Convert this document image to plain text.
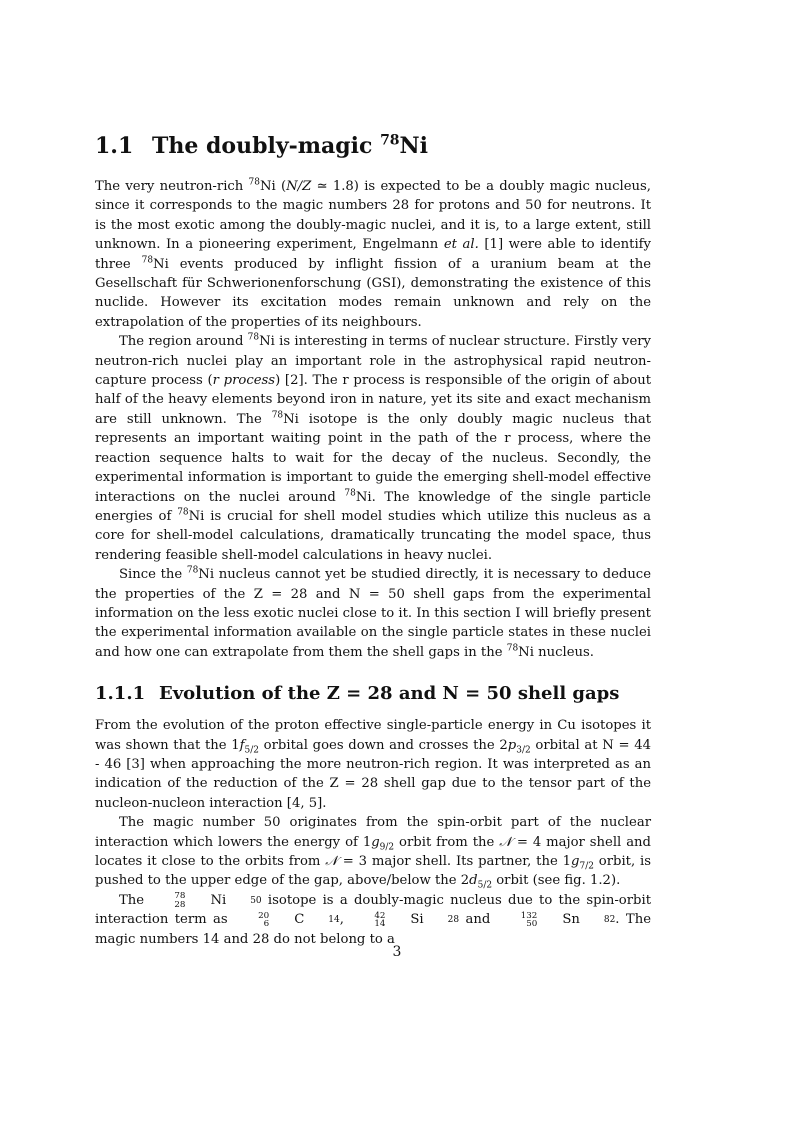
1.1 The doubly-magic $^{78}$Ni

The very neutron-rich $^{78}$Ni (N/Z ≃ 1.8) is expected to be a doubly magic nucleus, since it corresponds to the magic numbers 28 for protons and 50 for neutrons. It is the most exotic among the doubly-magic nuclei, and it is, to a large extent, still unknown. In a pioneering experiment, Engelmann et al. [1] were able to identify three $^{78}$Ni events produced by inflight fission of a uranium beam at the Gesellschaft für Schwerionenforschung (GSI), demonstrating the existence of this nuclide. However its excitation modes remain unknown and rely on the extrapolation of the properties of its neighbours.

The region around $^{78}$Ni is interesting in terms of nuclear structure. Firstly very neutron-rich nuclei play an important role in the astrophysical rapid neutron-capture process (r process) [2]. The r process is responsible of the origin of about half of the heavy elements beyond iron in nature, yet its site and exact mechanism are still unknown. The $^{78}$Ni isotope is the only doubly magic nucleus that represents an important waiting point in the path of the r process, where the reaction sequence halts to wait for the decay of the nucleus. Secondly, the experimental information is important to guide the emerging shell-model effective interactions on the nuclei around $^{78}$Ni. The knowledge of the single particle energies of $^{78}$Ni is crucial for shell model studies which utilize this nucleus as a core for shell-model calculations, dramatically truncating the model space, thus rendering feasible shell-model calculations in heavy nuclei.

Since the $^{78}$Ni nucleus cannot yet be studied directly, it is necessary to deduce the properties of the Z = 28 and N = 50 shell gaps from the experimental information on the less exotic nuclei close to it. In this section I will briefly present the experimental information available on the single particle states in these nuclei and how one can extrapolate from them the shell gaps in the $^{78}$Ni nucleus.

1.1.1 Evolution of the Z = 28 and N = 50 shell gaps

From the evolution of the proton effective single-particle energy in Cu isotopes it was shown that the $1f_{5/2}$ orbital goes down and crosses the $2p_{3/2}$ orbital at N = 44 - 46 [3] when approaching the more neutron-rich region. It was interpreted as an indication of the reduction of the Z = 28 shell gap due to the tensor part of the nucleon-nucleon interaction [4, 5].

The magic number 50 originates from the spin-orbit part of the nuclear interaction which lowers the energy of $1g_{9/2}$ orbit from the 𝒩 = 4 major shell and locates it close to the orbits from 𝒩 = 3 major shell. Its partner, the $1g_{7/2}$ orbit, is pushed to the upper edge of the gap, above/below the $2d_{5/2}$ orbit (see fig. 1.2).

The	78
28	Ni	50 isotope is a doubly-magic nucleus due to the spin-orbit interaction term as	20
6	C	14 ,	42
14	Si	28 and	132
50	Sn	82 . The magic numbers 14 and 28 do not belong to a

3
